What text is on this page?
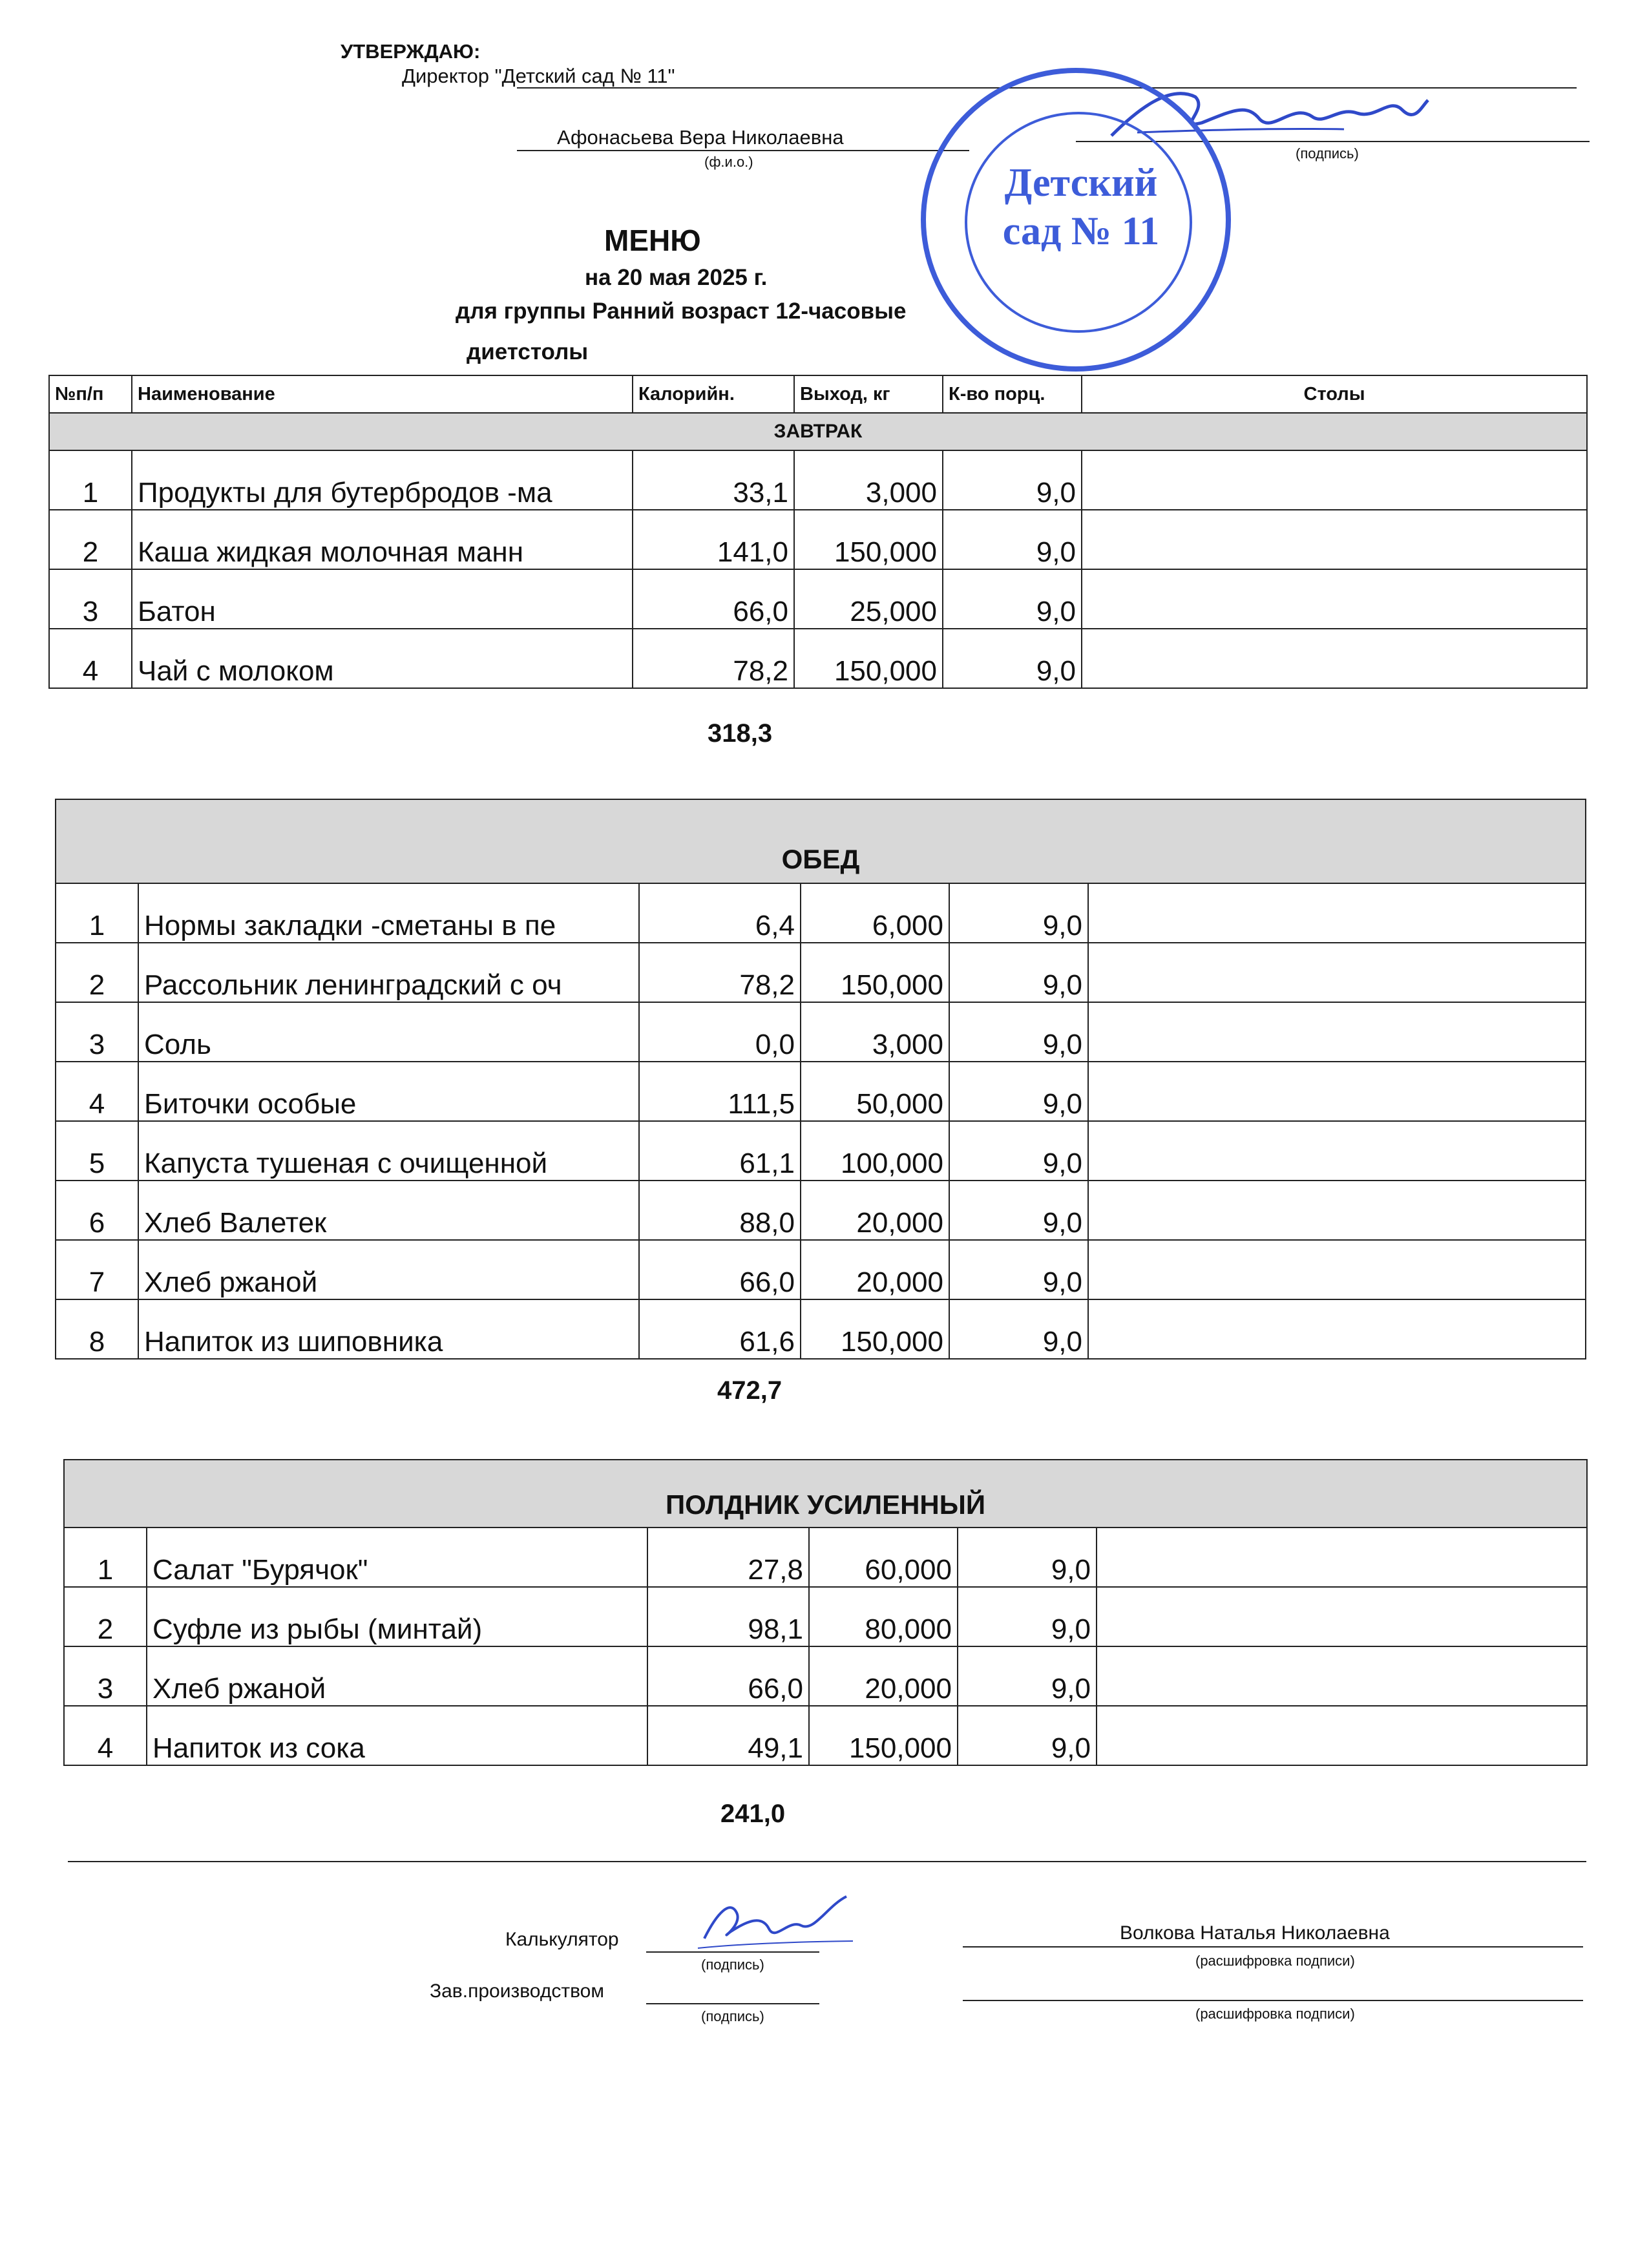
УТВЕРЖДАЮ:
Директор "Детский сад № 11"
Афонасьева Вера Николаевна
(ф.и.о.)
(подпись)
Детский
сад № 11
МЕНЮ
на 20 мая 2025 г.
для группы Ранний возраст 12-часовые
диетстолы
№п/п	Наименование	Калорийн.	Выход, кг	К-во порц.	Столы
ЗАВТРАК					
1	Продукты для бутербродов -ма	33,1	3,000	9,0	
2	Каша жидкая молочная манн	141,0	150,000	9,0	
3	Батон	66,0	25,000	9,0	
4	Чай с молоком	78,2	150,000	9,0	
318,3
ОБЕД					
1	Нормы закладки -сметаны в пе	6,4	6,000	9,0	
2	Рассольник ленинградский с оч	78,2	150,000	9,0	
3	Соль	0,0	3,000	9,0	
4	Биточки особые	111,5	50,000	9,0	
5	Капуста тушеная с очищенной	61,1	100,000	9,0	
6	Хлеб Валетек	88,0	20,000	9,0	
7	Хлеб ржаной	66,0	20,000	9,0	
8	Напиток из шиповника	61,6	150,000	9,0	
472,7
ПОЛДНИК УСИЛЕННЫЙ					
1	Салат "Бурячок"	27,8	60,000	9,0	
2	Суфле из рыбы (минтай)	98,1	80,000	9,0	
3	Хлеб ржаной	66,0	20,000	9,0	
4	Напиток из сока	49,1	150,000	9,0	
241,0
Калькулятор
(подпись)
Волкова Наталья Николаевна
(расшифровка подписи)
Зав.производством
(подпись)	(расшифровка подписи)
